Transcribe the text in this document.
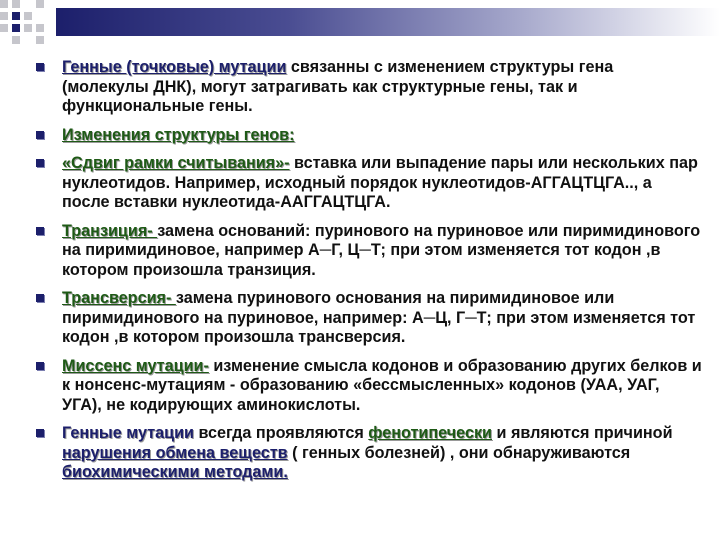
Генные (точковые) мутации связанны с изменением структуры гена (молекулы ДНК), могут затрагивать как структурные гены, так и функциональные гены.
Изменения структуры генов:
«Сдвиг рамки считывания»- вставка или выпадение пары или нескольких пар нуклеотидов. Например, исходный порядок нуклеотидов-АГГАЦТЦГА.., а после вставки нуклеотида-ААГГАЦТЦГА.
Транзиция- замена оснований: пуринового на пуриновое или пиримидинового на пиримидиновое, например А─Г, Ц─Т; при этом изменяется тот кодон ,в котором произошла транзиция.
Трансверсия- замена пуринового основания на пиримидиновое или пиримидинового на пуриновое, например: А─Ц, Г─Т; при этом изменяется тот кодон ,в котором произошла трансверсия.
Миссенс мутации- изменение смысла кодонов и образованию других белков и к нонсенс-мутациям - образованию «бессмысленных» кодонов (УАА, УАГ, УГА), не кодирующих аминокислоты.
Генные мутации всегда проявляются фенотипечески и являются причиной нарушения обмена веществ ( генных болезней) , они обнаруживаются биохимическими методами.
